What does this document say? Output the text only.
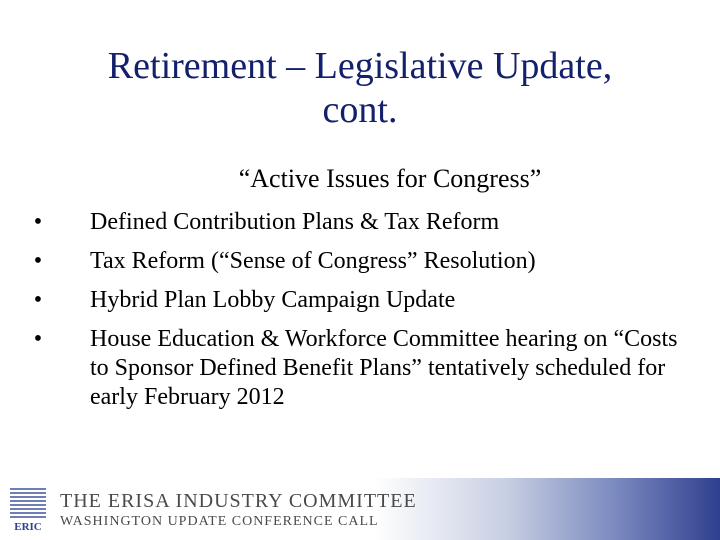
Retirement – Legislative Update,
cont.
“Active Issues for Congress”
• Defined Contribution Plans & Tax Reform
• Tax Reform (“Sense of Congress” Resolution)
• Hybrid Plan Lobby Campaign Update
• House Education & Workforce Committee hearing on “Costs to Sponsor Defined Benefit Plans” tentatively scheduled for early February 2012
ERIC
THE ERISA INDUSTRY COMMITTEE
WASHINGTON UPDATE CONFERENCE CALL
